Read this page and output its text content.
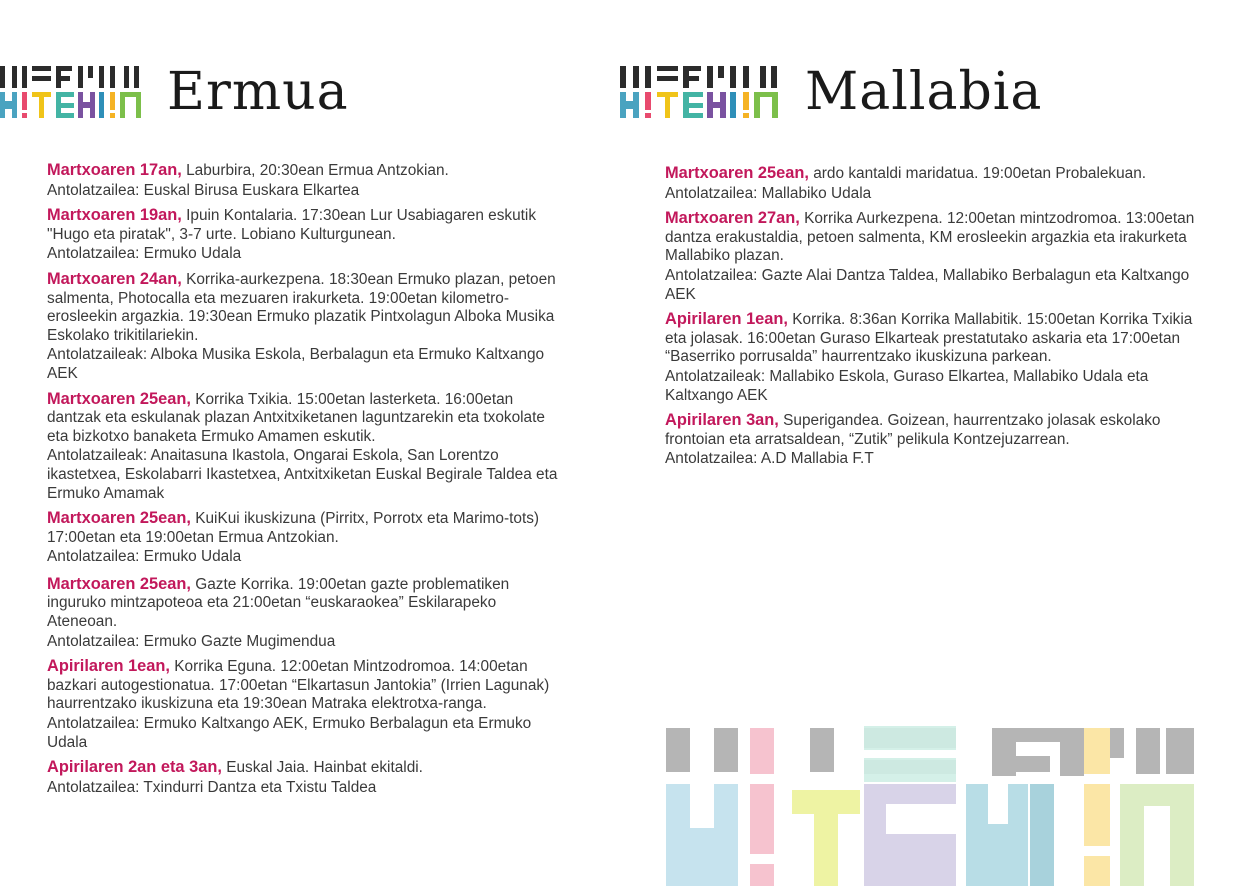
Ermua
Martxoaren 17an, Laburbira, 20:30ean Ermua Antzokian.
Antolatzailea: Euskal Birusa Euskara Elkartea
Martxoaren 19an, Ipuin Kontalaria. 17:30ean Lur Usabiagaren eskutik "Hugo eta piratak", 3-7 urte. Lobiano Kulturgunean.
Antolatzailea: Ermuko Udala
Martxoaren 24an, Korrika-aurkezpena. 18:30ean Ermuko plazan, petoen salmenta, Photocalla eta mezuaren irakurketa. 19:00etan kilometro-erosleekin argazkia. 19:30ean Ermuko plazatik Pintxolagun Alboka Musika Eskolako trikitilariekin.
Antolatzaileak: Alboka Musika Eskola, Berbalagun eta Ermuko Kaltxango AEK
Martxoaren 25ean, Korrika Txikia. 15:00etan lasterketa. 16:00etan dantzak eta eskulanak plazan Antxitxiketanen laguntzarekin eta txokolate eta bizkotxo banaketa Ermuko Amamen eskutik.
Antolatzaileak: Anaitasuna Ikastola, Ongarai Eskola, San Lorentzo ikastetxea, Eskolabarri Ikastetxea, Antxitxiketan Euskal Begirale Taldea eta Ermuko Amamak
Martxoaren 25ean, KuiKui ikuskizuna (Pirritx, Porrotx eta Marimo-tots) 17:00etan eta 19:00etan Ermua Antzokian.
Antolatzailea: Ermuko Udala
Martxoaren 25ean, Gazte Korrika. 19:00etan gazte problematiken inguruko mintzapoteoa eta 21:00etan “euskaraokea” Eskilarapeko Ateneoan.
Antolatzailea: Ermuko Gazte Mugimendua
Apirilaren 1ean, Korrika Eguna. 12:00etan Mintzodromoa. 14:00etan bazkari autogestionatua. 17:00etan “Elkartasun Jantokia” (Irrien Lagunak) haurrentzako ikuskizuna eta 19:30ean Matraka elektrotxa-ranga.
Antolatzailea: Ermuko Kaltxango AEK, Ermuko Berbalagun eta Ermuko Udala
Apirilaren 2an eta 3an, Euskal Jaia. Hainbat ekitaldi.
Antolatzailea: Txindurri Dantza eta Txistu Taldea
Mallabia
Martxoaren 25ean, ardo kantaldi maridatua. 19:00etan Probalekuan.
Antolatzailea: Mallabiko Udala
Martxoaren 27an, Korrika Aurkezpena. 12:00etan mintzodromoa. 13:00etan dantza erakustaldia, petoen salmenta, KM erosleekin argazkia eta irakurketa Mallabiko plazan.
Antolatzailea: Gazte Alai Dantza Taldea, Mallabiko Berbalagun eta Kaltxango AEK
Apirilaren 1ean, Korrika. 8:36an Korrika Mallabitik. 15:00etan Korrika Txikia eta jolasak. 16:00etan Guraso Elkarteak prestatutako askaria eta 17:00etan “Baserriko porrusalda” haurrentzako ikuskizuna parkean.
Antolatzaileak: Mallabiko Eskola, Guraso Elkartea, Mallabiko Udala eta Kaltxango AEK
Apirilaren 3an, Superigandea. Goizean, haurrentzako jolasak eskolako frontoian eta arratsaldean, “Zutik” pelikula Kontzejuzarrean.
Antolatzailea: A.D Mallabia F.T
